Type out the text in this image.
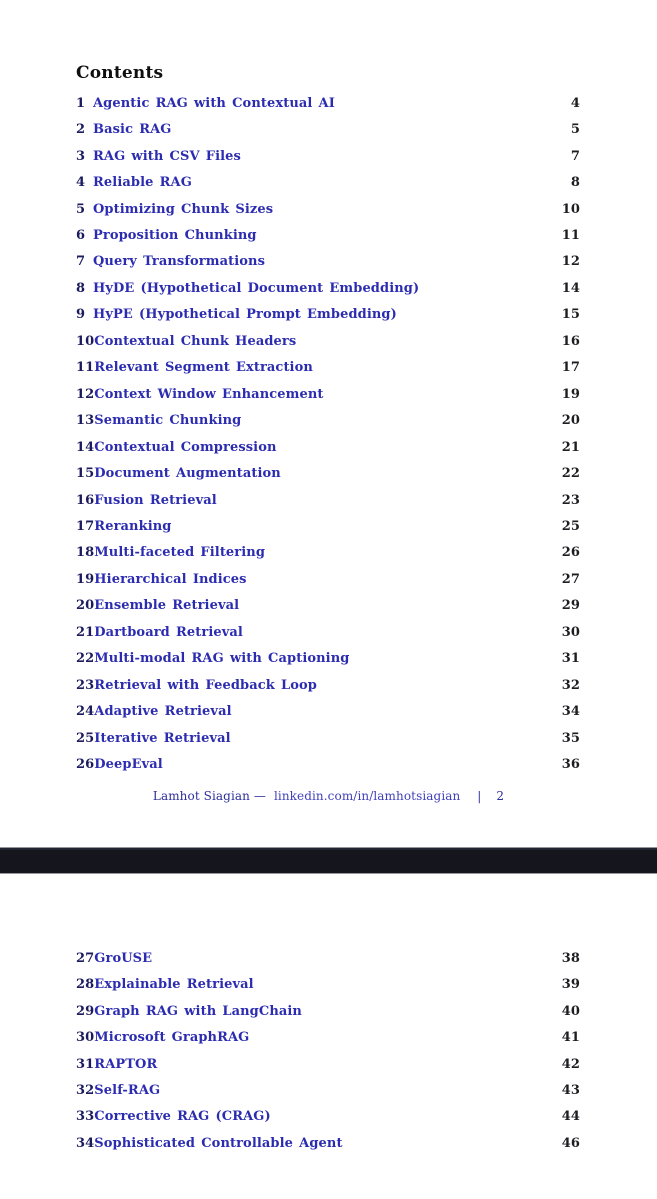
Contents
1 Agentic RAG with Contextual AI	4
2 Basic RAG	5
3 RAG with CSV Files	7
4 Reliable RAG	8
5 Optimizing Chunk Sizes	10
6 Proposition Chunking	11
7 Query Transformations	12
8 HyDE (Hypothetical Document Embedding)	14
9 HyPE (Hypothetical Prompt Embedding)	15
10 Contextual Chunk Headers	16
11 Relevant Segment Extraction	17
12 Context Window Enhancement	19
13 Semantic Chunking	20
14 Contextual Compression	21
15 Document Augmentation	22
16 Fusion Retrieval	23
17 Reranking	25
18 Multi-faceted Filtering	26
19 Hierarchical Indices	27
20 Ensemble Retrieval	29
21 Dartboard Retrieval	30
22 Multi-modal RAG with Captioning	31
23 Retrieval with Feedback Loop	32
24 Adaptive Retrieval	34
25 Iterative Retrieval	35
26 DeepEval	36
Lamhot Siagian — linkedin.com/in/lamhotsiagian | 2
27 GroUSE	38
28 Explainable Retrieval	39
29 Graph RAG with LangChain	40
30 Microsoft GraphRAG	41
31 RAPTOR	42
32 Self-RAG	43
33 Corrective RAG (CRAG)	44
34 Sophisticated Controllable Agent	46
